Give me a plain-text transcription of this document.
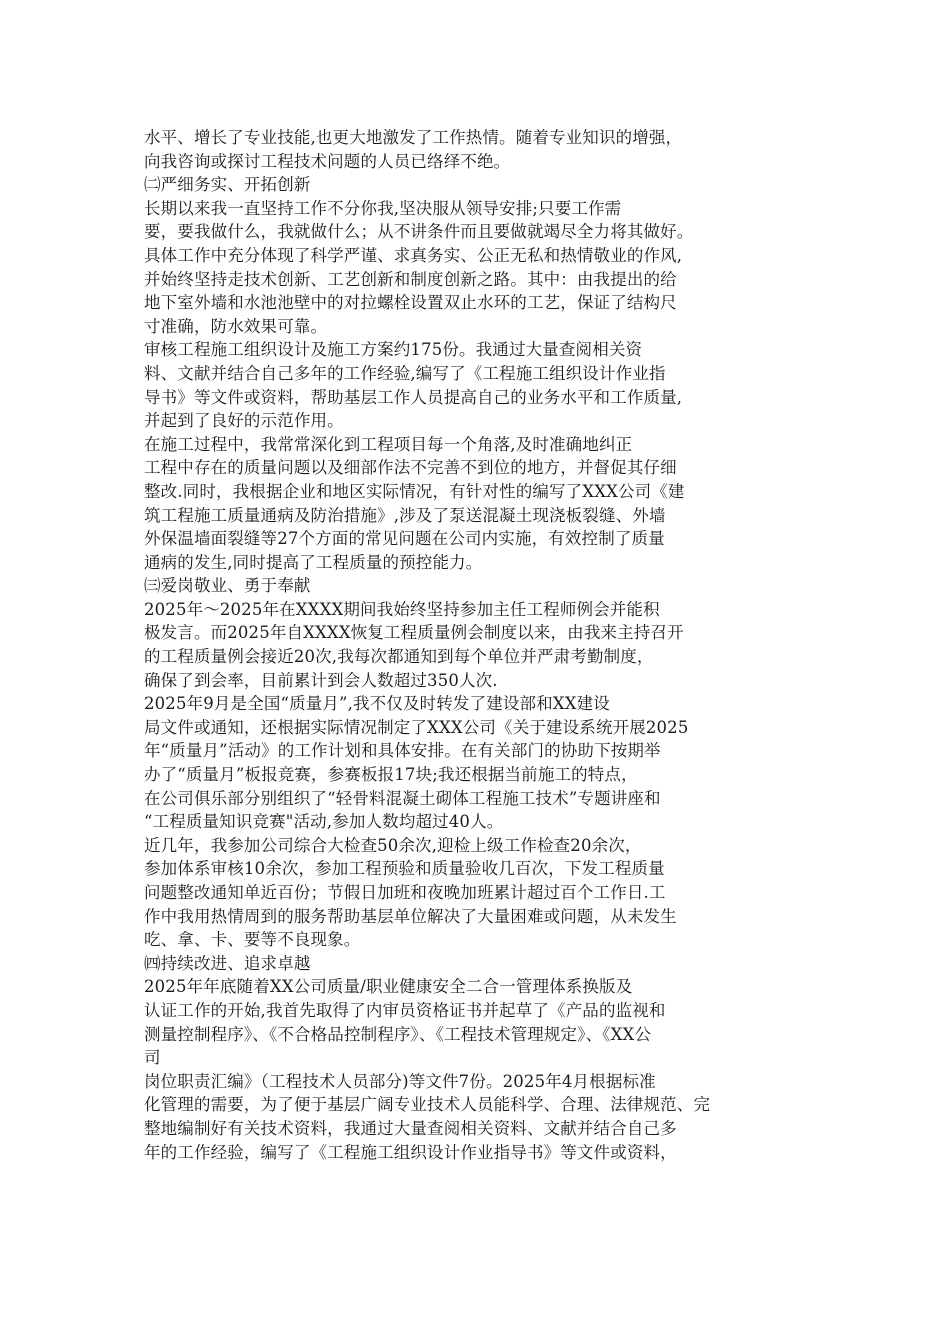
水平、增长了专业技能,也更大地激发了工作热情。随着专业知识的增强，
向我咨询或探讨工程技术问题的人员已络绎不绝。
㈡严细务实、开拓创新
长期以来我一直坚持工作不分你我,坚决服从领导安排;只要工作需
要，要我做什么，我就做什么；从不讲条件而且要做就竭尽全力将其做好。
具体工作中充分体现了科学严谨、求真务实、公正无私和热情敬业的作风,
并始终坚持走技术创新、工艺创新和制度创新之路。其中：由我提出的给
地下室外墙和水池池壁中的对拉螺栓设置双止水环的工艺，保证了结构尺
寸准确，防水效果可靠。
审核工程施工组织设计及施工方案约175份。我通过大量查阅相关资
料、文献并结合自己多年的工作经验,编写了《工程施工组织设计作业指
导书》等文件或资料，帮助基层工作人员提高自己的业务水平和工作质量,
并起到了良好的示范作用。
在施工过程中，我常常深化到工程项目每一个角落,及时准确地纠正
工程中存在的质量问题以及细部作法不完善不到位的地方，并督促其仔细
整改.同时，我根据企业和地区实际情况，有针对性的编写了XXX公司《建
筑工程施工质量通病及防治措施》,涉及了泵送混凝土现浇板裂缝、外墙
外保温墙面裂缝等27个方面的常见问题在公司内实施，有效控制了质量
通病的发生,同时提高了工程质量的预控能力。
㈢爱岗敬业、勇于奉献
2025年～2025年在XXXX期间我始终坚持参加主任工程师例会并能积
极发言。而2025年自XXXX恢复工程质量例会制度以来，由我来主持召开
的工程质量例会接近20次,我每次都通知到每个单位并严肃考勤制度，
确保了到会率，目前累计到会人数超过350人次.
2025年9月是全国“质量月”,我不仅及时转发了建设部和XX建设
局文件或通知，还根据实际情况制定了XXX公司《关于建设系统开展2025
年“质量月”活动》的工作计划和具体安排。在有关部门的协助下按期举
办了“质量月”板报竞赛，参赛板报17块;我还根据当前施工的特点，
在公司俱乐部分别组织了“轻骨料混凝土砌体工程施工技术”专题讲座和
“工程质量知识竞赛"活动,参加人数均超过40人。
近几年，我参加公司综合大检查50余次,迎检上级工作检查20余次，
参加体系审核10余次，参加工程预验和质量验收几百次，下发工程质量
问题整改通知单近百份；节假日加班和夜晚加班累计超过百个工作日.工
作中我用热情周到的服务帮助基层单位解决了大量困难或问题，从未发生
吃、拿、卡、要等不良现象。
㈣持续改进、追求卓越
2025年年底随着XX公司质量/职业健康安全二合一管理体系换版及
认证工作的开始,我首先取得了内审员资格证书并起草了《产品的监视和
测量控制程序》、《不合格品控制程序》、《工程技术管理规定》、《XX公
司
岗位职责汇编》（工程技术人员部分)等文件7份。2025年4月根据标准
化管理的需要，为了便于基层广阔专业技术人员能科学、合理、法律规范、完
整地编制好有关技术资料，我通过大量查阅相关资料、文献并结合自己多
年的工作经验，编写了《工程施工组织设计作业指导书》等文件或资料，
